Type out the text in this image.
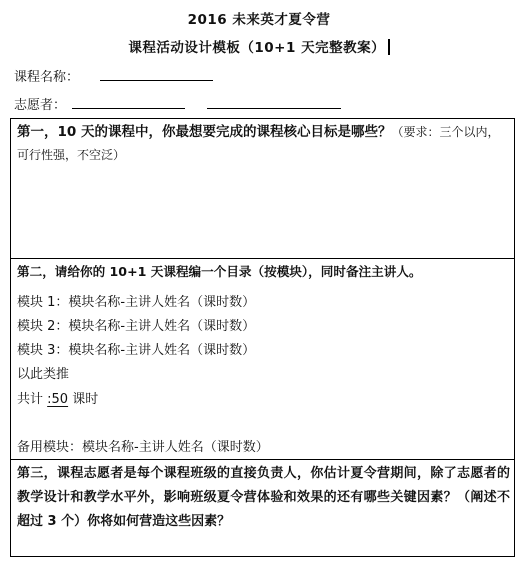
2016 未来英才夏令营
课程活动设计模板（10+1 天完整教案）
课程名称：
志愿者：
第一，10 天的课程中，你最想要完成的课程核心目标是哪些？（要求：三个以内，可行性强，不空泛）
第二，请给你的 10+1 天课程编一个目录（按模块），同时备注主讲人。
模块 1：模块名称-主讲人姓名（课时数）
模块 2：模块名称-主讲人姓名（课时数）
模块 3：模块名称-主讲人姓名（课时数）
以此类推
共计 :50 课时
备用模块：模块名称-主讲人姓名（课时数）
第三，课程志愿者是每个课程班级的直接负责人，你估计夏令营期间，除了志愿者的教学设计和教学水平外，影响班级夏令营体验和效果的还有哪些关键因素？（阐述不超过 3 个）你将如何营造这些因素？
